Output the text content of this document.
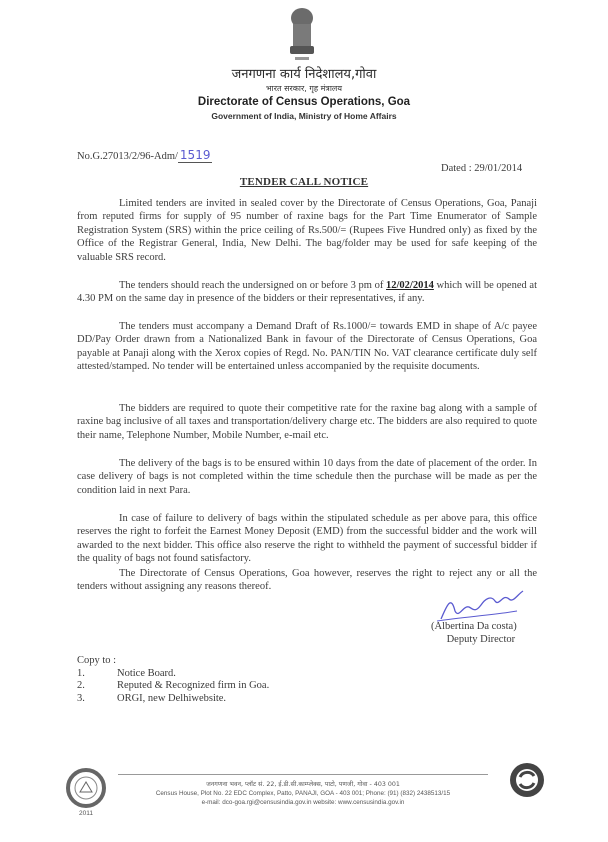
जनगणना कार्य निदेशालय,गोवा
भारत सरकार, गृह मंत्रालय
Directorate of Census Operations, Goa
Government of India, Ministry of Home Affairs
No.G.27013/2/96-Adm/ 1519
Dated : 29/01/2014
TENDER CALL NOTICE
Limited tenders are invited in sealed cover by the Directorate of Census Operations, Goa, Panaji from reputed firms for supply of 95 number of raxine bags for the Part Time Enumerator of Sample Registration System (SRS) within the price ceiling of Rs.500/= (Rupees Five Hundred only) as fixed by the Office of the Registrar General, India, New Delhi. The bag/folder may be used for safe keeping of the valuable SRS record.
The tenders should reach the undersigned on or before 3 pm of 12/02/2014 which will be opened at 4.30 PM on the same day in presence of the bidders or their representatives, if any.
The tenders must accompany a Demand Draft of Rs.1000/= towards EMD in shape of A/c payee DD/Pay Order drawn from a Nationalized Bank in favour of the Directorate of Census Operations, Goa payable at Panaji along with the Xerox copies of Regd. No. PAN/TIN No. VAT clearance certificate duly self attested/stamped. No tender will be entertained unless accompanied by the requisite documents.
The bidders are required to quote their competitive rate for the raxine bag along with a sample of raxine bag inclusive of all taxes and transportation/delivery charge etc. The bidders are also required to quote their name, Telephone Number, Mobile Number, e-mail etc.
The delivery of the bags is to be ensured within 10 days from the date of placement of the order. In case delivery of bags is not completed within the time schedule then the purchase will be made as per the condition laid in next Para.
In case of failure to delivery of bags within the stipulated schedule as per above para, this office reserves the right to forfeit the Earnest Money Deposit (EMD) from the successful bidder and the work will awarded to the next bidder. This office also reserve the right to withheld the payment of successful bidder if the quality of bags not found satisfactory.
The Directorate of Census Operations, Goa however, reserves the right to reject any or all the tenders without assigning any reasons thereof.
(Albertina Da costa)
Deputy Director
Copy to :
1.	Notice Board.
2.	Reputed & Recognized firm in Goa.
3.	ORGI, new Delhiwebsite.
2011
जनगणना भवन, प्लॉट सं. 22, ई.डी.सी.काम्प्लेक्स, पाटो, पणजी, गोवा - 403 001
Census House, Plot No. 22 EDC Complex, Patto, PANAJI, GOA - 403 001; Phone: (91) (832) 2438513/15
e-mail: dco-goa.rgi@censusindia.gov.in website: www.censusindia.gov.in
